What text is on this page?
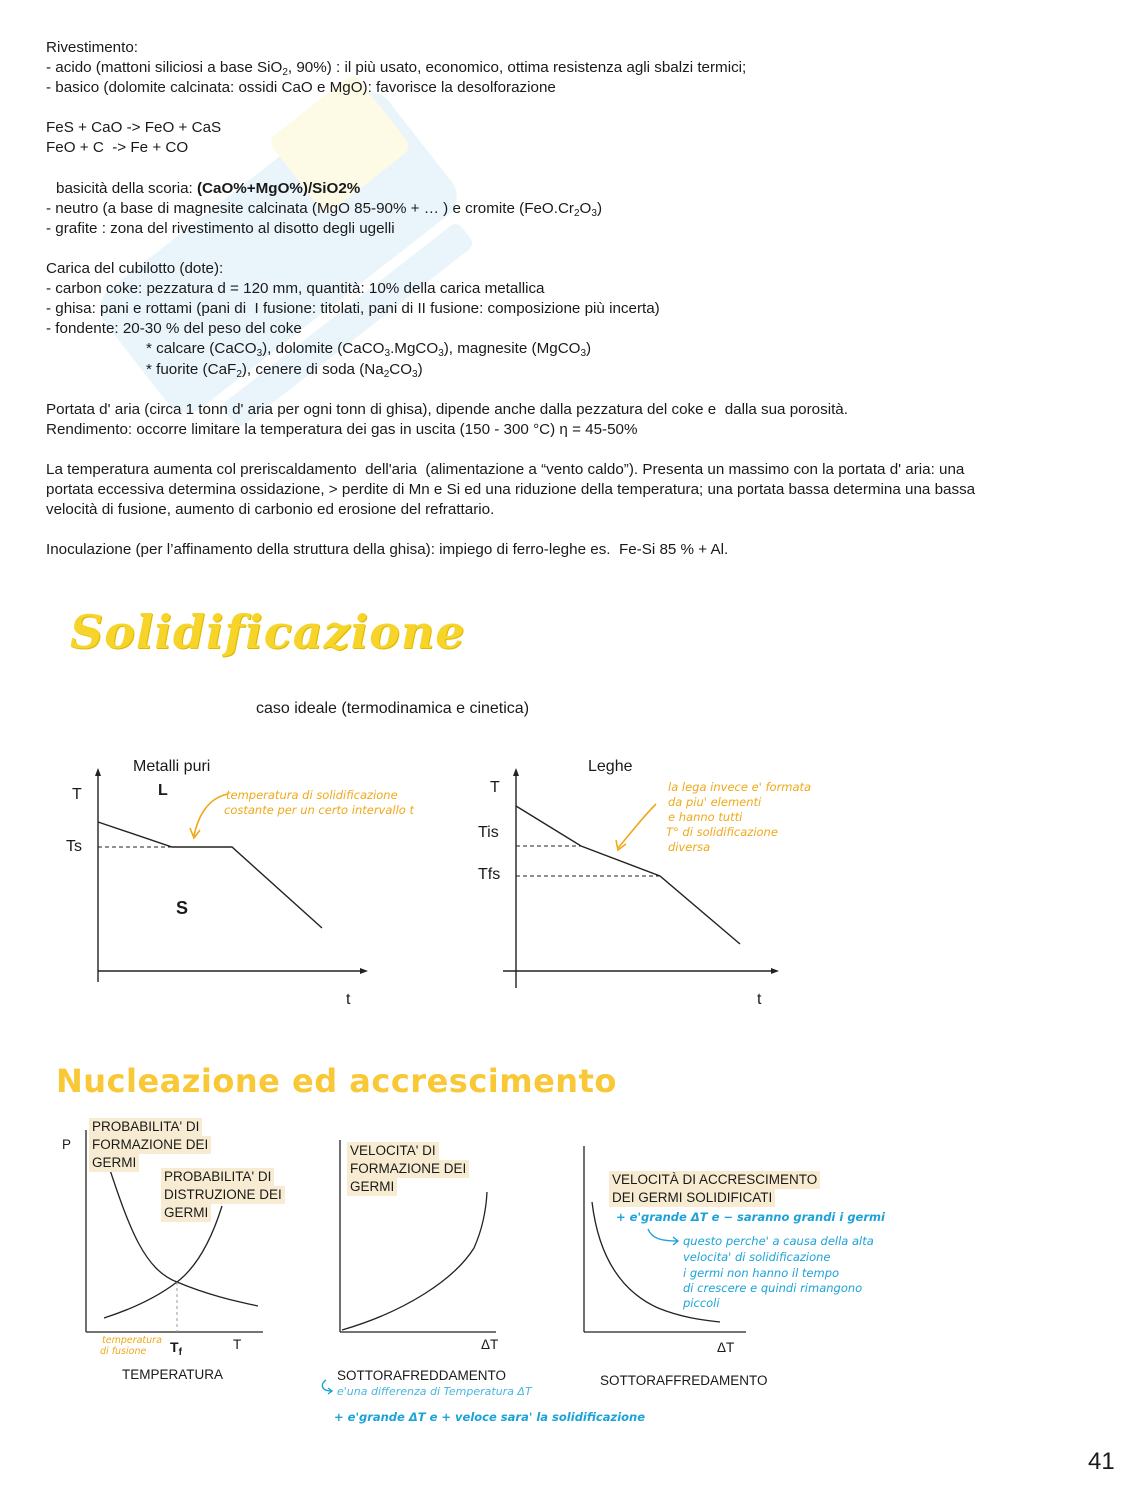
Rivestimento:
- acido (mattoni siliciosi a base SiO$_2$, 90%) : il più usato, economico, ottima resistenza agli sbalzi termici;
- basico (dolomite calcinata: ossidi CaO e MgO): favorisce la desolforazione
FeS + CaO -> FeO + CaS
FeO + C  -> Fe + CO
basicità della scoria: (CaO%+MgO%)/SiO2%
- neutro (a base di magnesite calcinata (MgO 85-90% + … ) e cromite $(FeO.Cr_2O_3)$
- grafite : zona del rivestimento al disotto degli ugelli
Carica del cubilotto (dote):
- carbon coke: pezzatura d = 120 mm, quantità: 10% della carica metallica
- ghisa: pani e rottami (pani di  I fusione: titolati, pani di II fusione: composizione più incerta)
- fondente: 20-30 % del peso del coke
* calcare (CaCO$_3$), dolomite (CaCO$_3$.MgCO$_3$), magnesite (MgCO$_3$)
* fuorite (CaF$_2$), cenere di soda $(Na_2CO_3)$
Portata d' aria (circa 1 tonn d' aria per ogni tonn di ghisa), dipende anche dalla pezzatura del coke e  dalla sua porosità.
Rendimento: occorre limitare la temperatura dei gas in uscita (150 - 300 °C) η = 45-50%
La temperatura aumenta col preriscaldamento  dell'aria  (alimentazione a “vento caldo”). Presenta un massimo con la portata d' aria: una
portata eccessiva determina ossidazione, > perdite di Mn e Si ed una riduzione della temperatura; una portata bassa determina una bassa
velocità di fusione, aumento di carbonio ed erosione del refrattario.
Inoculazione (per l’affinamento della struttura della ghisa): impiego di ferro-leghe es.  Fe-Si 85 % + Al.
Solidificazione
caso ideale (termodinamica e cinetica)
Metalli puri
T
Ts
L
S
t
temperatura di solidificazione
costante per un certo intervallo t
Leghe
T
Tis
Tfs
t
la lega invece e' formata
da piu' elementi
e hanno tutti
T° di solidificazione
diversa
Nucleazione ed accrescimento
P
PROBABILITA' DI
FORMAZIONE DEI
GERMI
PROBABILITA' DI
DISTRUZIONE DEI
GERMI
temperatura
di fusione $T_f$
T
TEMPERATURA
VELOCITA' DI
FORMAZIONE DEI
GERMI
ΔT
SOTTORAFREDDAMENTO
e'una differenza di Temperatura ΔT
+ e'grande ΔT e + veloce sara' la solidificazione
VELOCITÀ DI ACCRESCIMENTO
DEI GERMI SOLIDIFICATI
+ e'grande ΔT e − saranno grandi i germi
questo perche' a causa della alta
velocita' di solidificazione
i germi non hanno il tempo
di crescere e quindi rimangono
piccoli
ΔT
SOTTORAFFREDAMENTO
41
